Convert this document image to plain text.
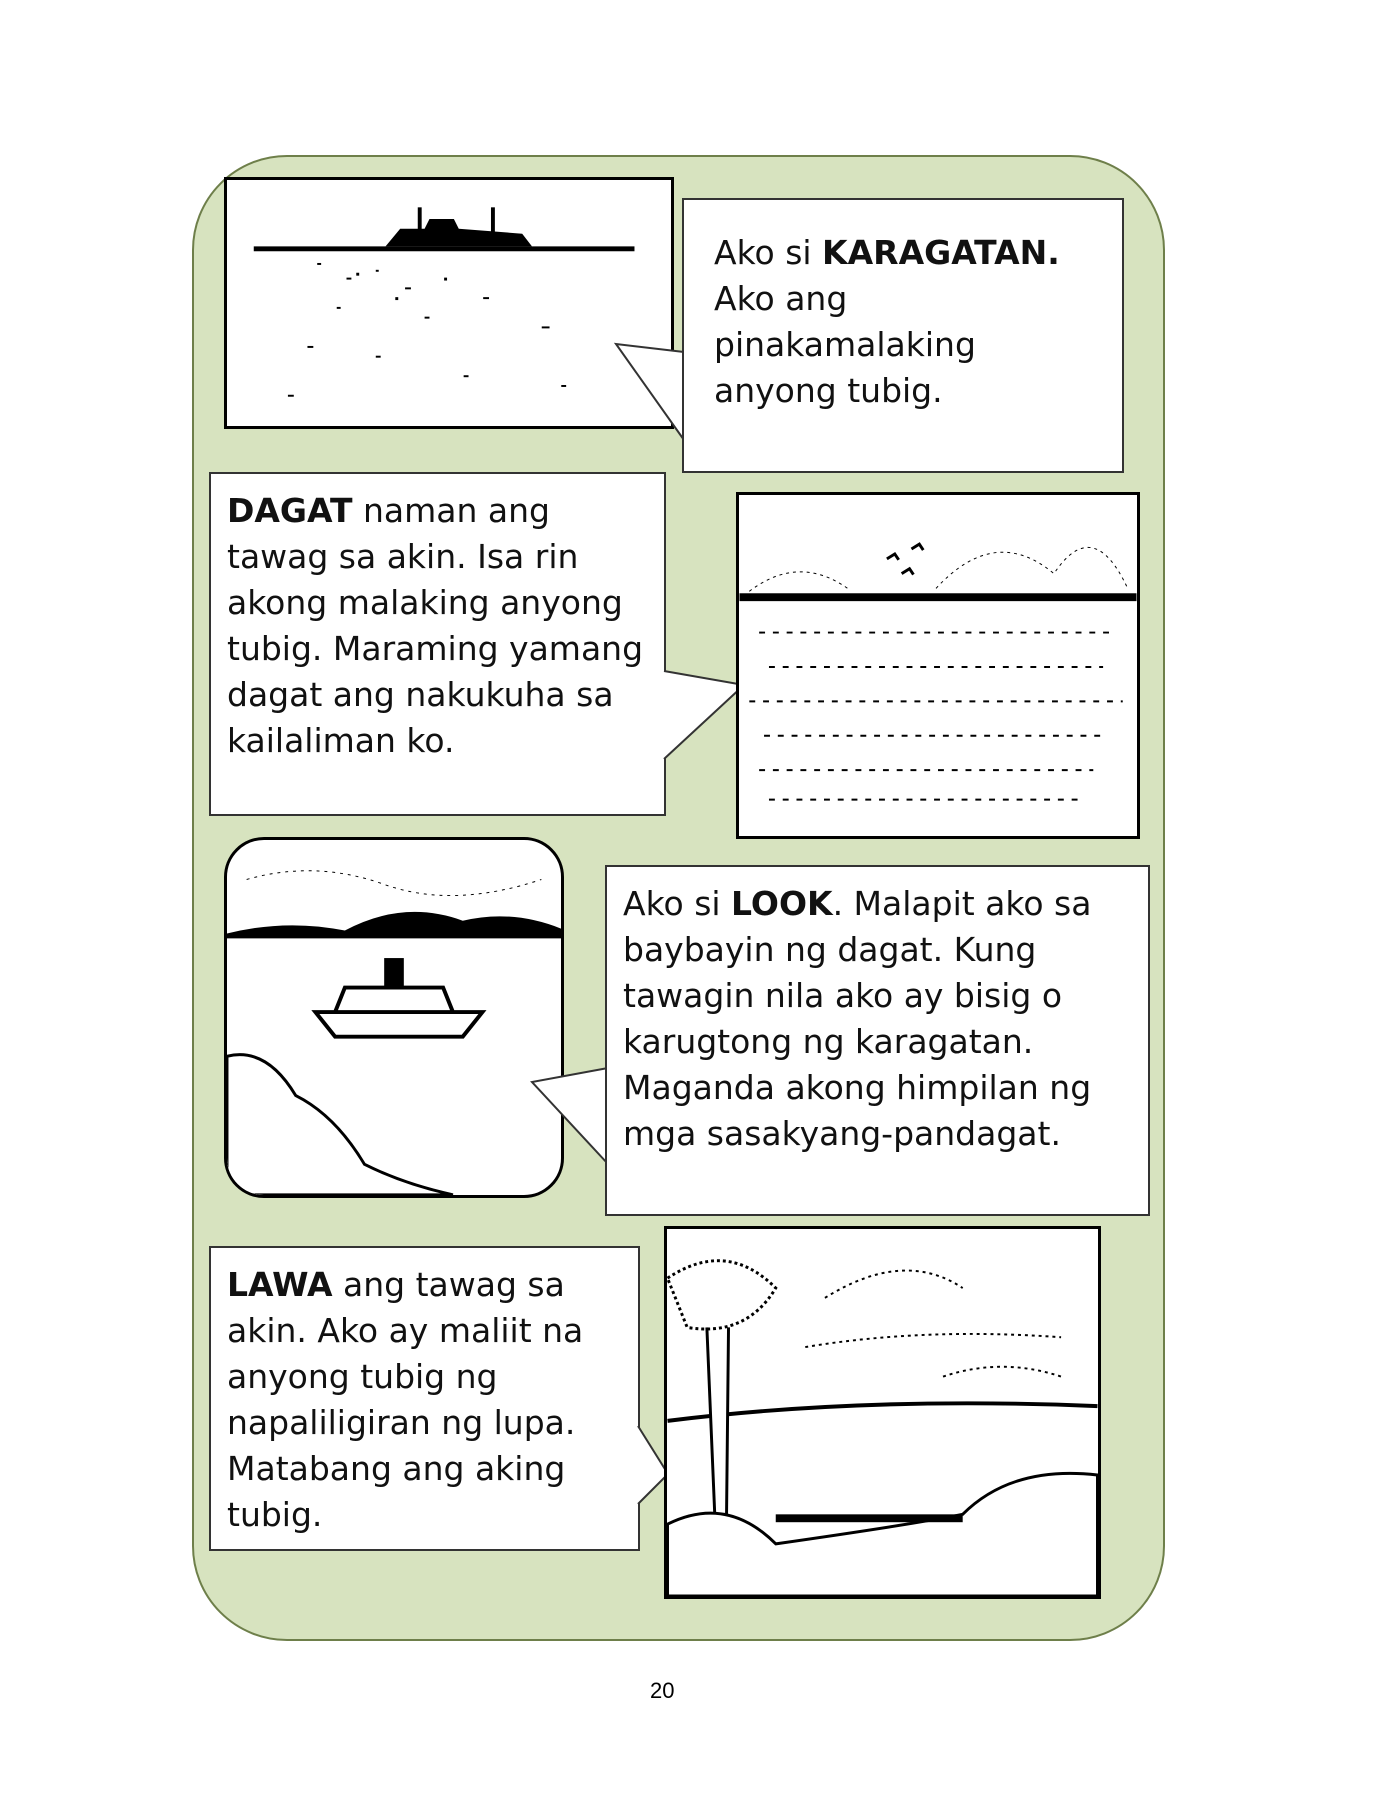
Ako si KARAGATAN. Ako ang pinakamalaking anyong tubig.
DAGAT naman ang tawag sa akin. Isa rin akong malaking anyong tubig. Maraming yamang dagat ang nakukuha sa kailaliman ko.
Ako si LOOK. Malapit ako sa baybayin ng dagat. Kung tawagin nila ako ay bisig o karugtong ng karagatan. Maganda akong himpilan ng mga sasakyang-pandagat.
LAWA ang tawag sa akin. Ako ay maliit na anyong tubig ng napaliligiran ng lupa. Matabang ang aking tubig.
20
